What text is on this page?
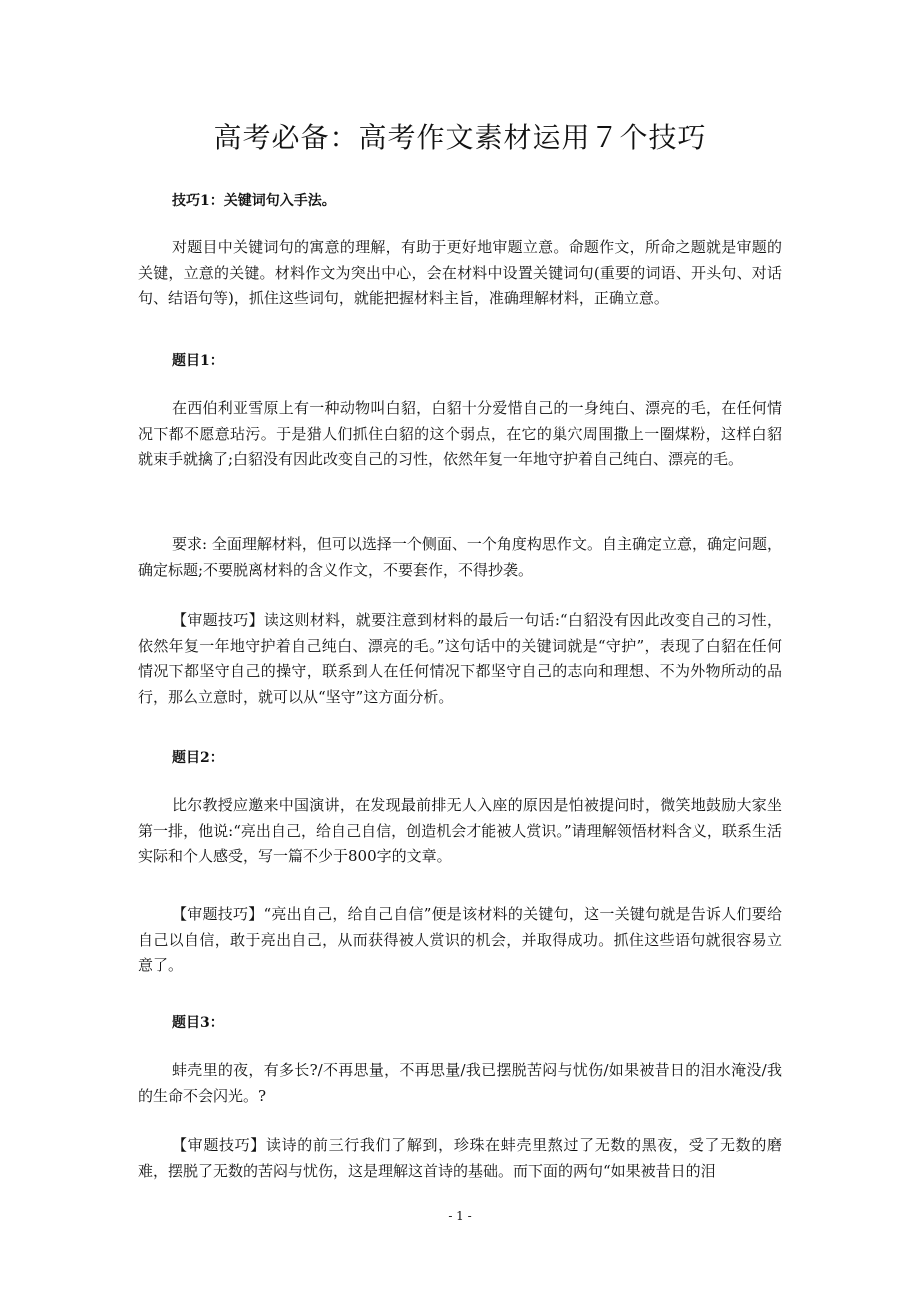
高考必备：高考作文素材运用７个技巧
技巧1：关键词句入手法。

对题目中关键词句的寓意的理解，有助于更好地审题立意。命题作文，所命之题就是审题的关键，立意的关键。材料作文为突出中心，会在材料中设置关键词句(重要的词语、开头句、对话句、结语句等)，抓住这些词句，就能把握材料主旨，准确理解材料，正确立意。

题目1：

在西伯利亚雪原上有一种动物叫白貂，白貂十分爱惜自己的一身纯白、漂亮的毛，在任何情况下都不愿意玷污。于是猎人们抓住白貂的这个弱点，在它的巢穴周围撒上一圈煤粉，这样白貂就束手就擒了;白貂没有因此改变自己的习性，依然年复一年地守护着自己纯白、漂亮的毛。

要求: 全面理解材料，但可以选择一个侧面、一个角度构思作文。自主确定立意，确定问题，确定标题;不要脱离材料的含义作文，不要套作，不得抄袭。

【审题技巧】读这则材料，就要注意到材料的最后一句话:“白貂没有因此改变自己的习性，依然年复一年地守护着自己纯白、漂亮的毛。”这句话中的关键词就是“守护”，表现了白貂在任何情况下都坚守自己的操守，联系到人在任何情况下都坚守自己的志向和理想、不为外物所动的品行，那么立意时，就可以从“坚守”这方面分析。

题目2：

比尔教授应邀来中国演讲，在发现最前排无人入座的原因是怕被提问时，微笑地鼓励大家坐第一排，他说:“亮出自己，给自己自信，创造机会才能被人赏识。”请理解领悟材料含义，联系生活实际和个人感受，写一篇不少于800字的文章。

【审题技巧】“亮出自己，给自己自信”便是该材料的关键句，这一关键句就是告诉人们要给自己以自信，敢于亮出自己，从而获得被人赏识的机会，并取得成功。抓住这些语句就很容易立意了。

题目3：

蚌壳里的夜，有多长?/不再思量，不再思量/我已摆脱苦闷与忧伤/如果被昔日的泪水淹没/我的生命不会闪光。?

【审题技巧】读诗的前三行我们了解到，珍珠在蚌壳里熬过了无数的黑夜，受了无数的磨难，摆脱了无数的苦闷与忧伤，这是理解这首诗的基础。而下面的两句“如果被昔日的泪

- 1 -
